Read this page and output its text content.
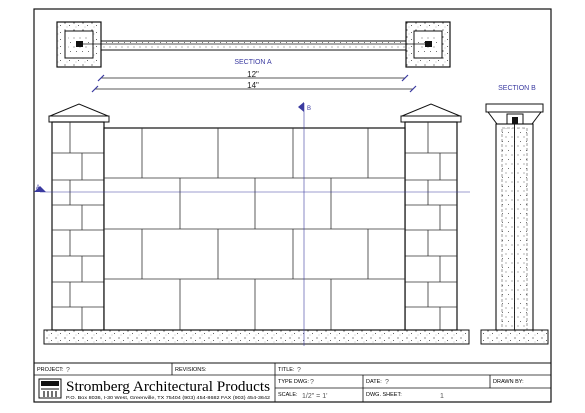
SECTION A
12"
14"
A
B
SECTION B
PROJECT: ?	REVISIONS:	TITLE: ?
TYPE DWG: ?	DATE: ?	DRAWN BY:
SCALE: 1/2" = 1'	DWG. SHEET:	1
Stromberg Architectural Products
P.O. Box 8036, I-30 West, Greenville, TX 75404 (903) 454-8682 FAX (903) 454-3642
